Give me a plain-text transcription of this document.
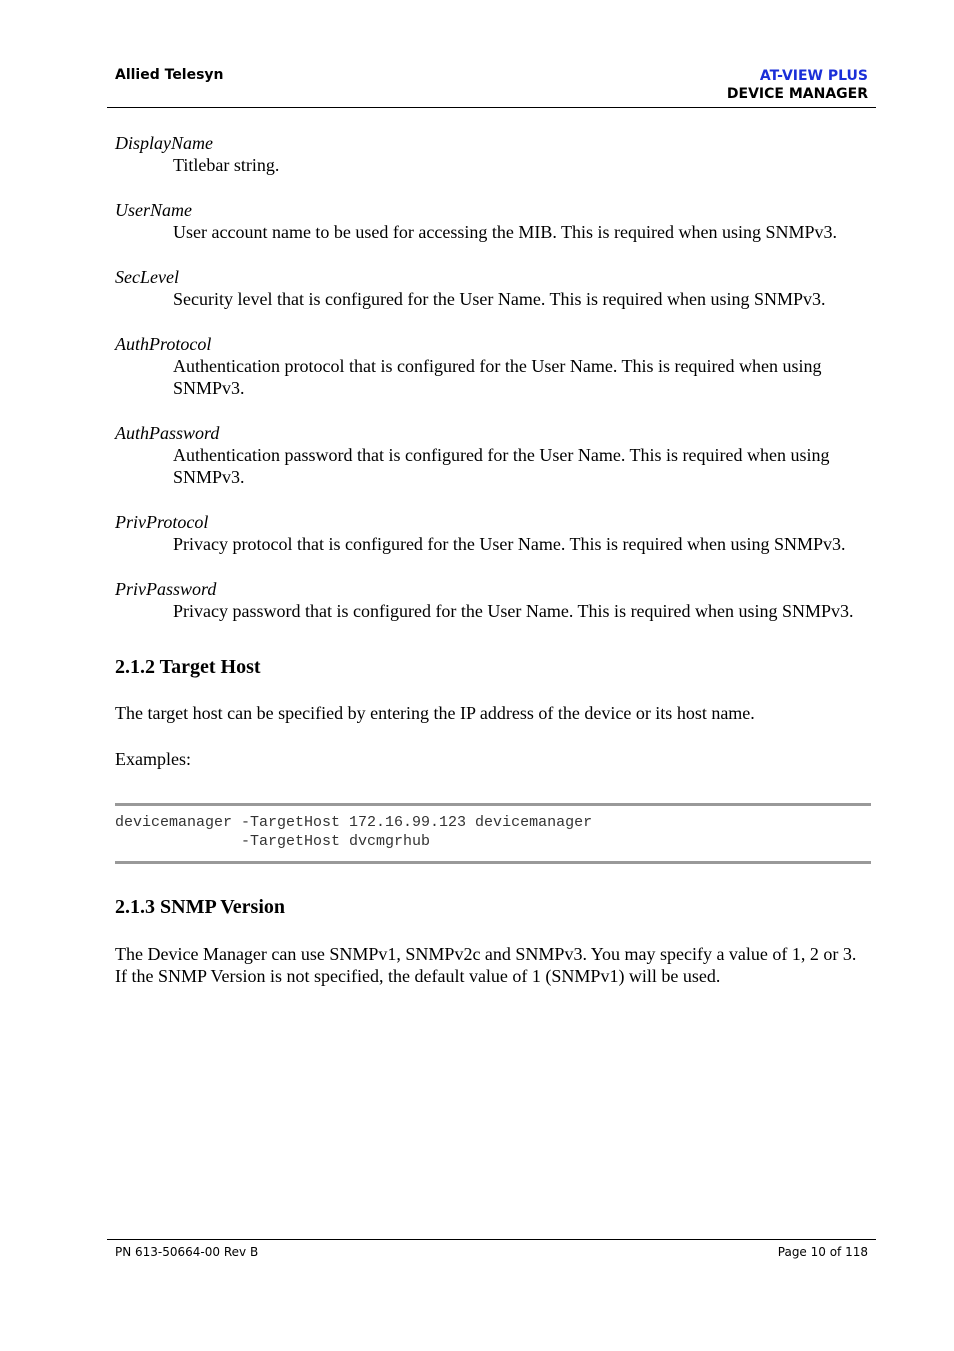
Allied Telesyn	AT-VIEW PLUS
DEVICE MANAGER

DisplayName

Titlebar string.

UserName

User account name to be used for accessing the MIB. This is required when using SNMPv3.

SecLevel

Security level that is configured for the User Name. This is required when using SNMPv3.

AuthProtocol

Authentication protocol that is configured for the User Name. This is required when using SNMPv3.

AuthPassword

Authentication password that is configured for the User Name. This is required when using SNMPv3.

PrivProtocol

Privacy protocol that is configured for the User Name. This is required when using SNMPv3.

PrivPassword

Privacy password that is configured for the User Name. This is required when using SNMPv3.

2.1.2 Target Host

The target host can be specified by entering the IP address of the device or its host name.

Examples:

devicemanager -TargetHost 172.16.99.123 devicemanager
-TargetHost dvcmgrhub
2.1.3 SNMP Version

The Device Manager can use SNMPv1, SNMPv2c and SNMPv3. You may specify a value of 1, 2 or 3. If the SNMP Version is not specified, the default value of 1 (SNMPv1) will be used.

PN 613-50664-00 Rev B	Page 10 of 118
